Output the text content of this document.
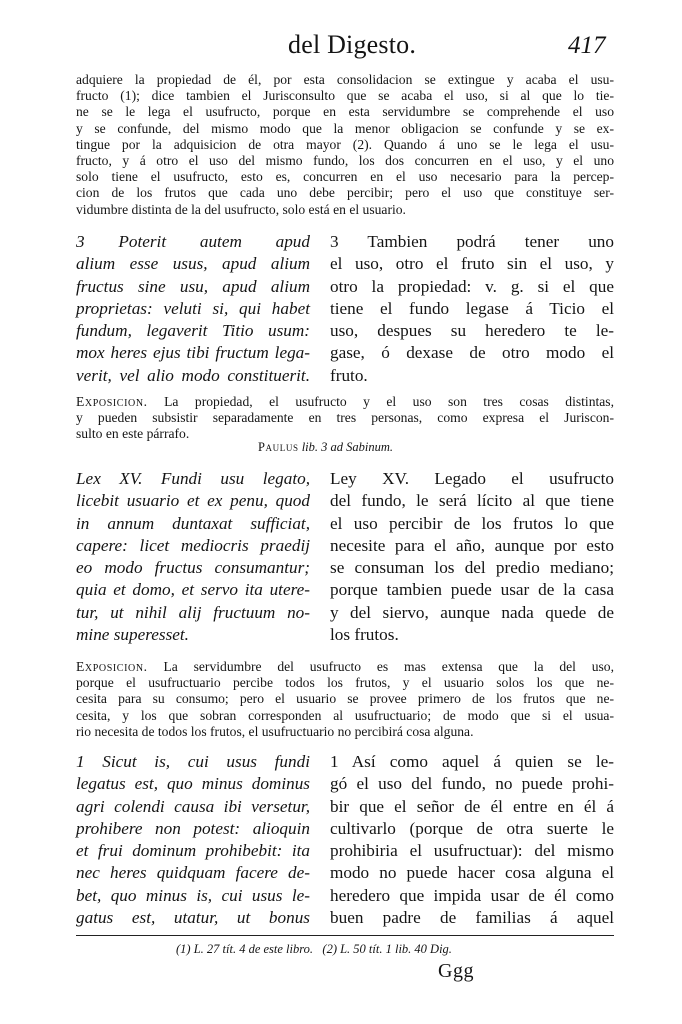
del Digesto.	417
adquiere la propiedad de él, por esta consolidacion se extingue y acaba el usu-
fructo (1); dice tambien el Jurisconsulto que se acaba el uso, si al que lo tie-
ne se le lega el usufructo, porque en esta servidumbre se comprehende el uso
y se confunde, del mismo modo que la menor obligacion se confunde y se ex-
tingue por la adquisicion de otra mayor (2). Quando á uno se le lega el usu-
fructo, y á otro el uso del mismo fundo, los dos concurren en el uso, y el uno
solo tiene el usufructo, esto es, concurren en el uso necesario para la percep-
cion de los frutos que cada uno debe percibir; pero el uso que constituye ser-
vidumbre distinta de la del usufructo, solo está en el usuario.
3 Poterit autem apud
alium esse usus, apud alium
fructus sine usu, apud alium
proprietas: veluti si, qui habet
fundum, legaverit Titio usum:
mox heres ejus tibi fructum lega-
verit, vel alio modo constituerit.
3 Tambien podrá tener uno
el uso, otro el fruto sin el uso, y
otro la propiedad: v. g. si el que
tiene el fundo legase á Ticio el
uso, despues su heredero te le-
gase, ó dexase de otro modo el
fruto.
Exposicion. La propiedad, el usufructo y el uso son tres cosas distintas,
y pueden subsistir separadamente en tres personas, como expresa el Juriscon-
sulto en este párrafo.
Paulus lib. 3 ad Sabinum.
Lex XV. Fundi usu legato,
licebit usuario et ex penu, quod
in annum duntaxat sufficiat,
capere: licet mediocris praedij
eo modo fructus consumantur;
quia et domo, et servo ita utere-
tur, ut nihil alij fructuum no-
mine superesset.
Ley XV. Legado el usufructo
del fundo, le será lícito al que tiene
el uso percibir de los frutos lo que
necesite para el año, aunque por esto
se consuman los del predio mediano;
porque tambien puede usar de la casa
y del siervo, aunque nada quede de
los frutos.
Exposicion. La servidumbre del usufructo es mas extensa que la del uso,
porque el usufructuario percibe todos los frutos, y el usuario solos los que ne-
cesita para su consumo; pero el usuario se provee primero de los frutos que ne-
cesita, y los que sobran corresponden al usufructuario; de modo que si el usua-
rio necesita de todos los frutos, el usufructuario no percibirá cosa alguna.
1 Sicut is, cui usus fundi
legatus est, quo minus dominus
agri colendi causa ibi versetur,
prohibere non potest: alioquin
et frui dominum prohibebit: ita
nec heres quidquam facere de-
bet, quo minus is, cui usus le-
gatus est, utatur, ut bonus
1 Así como aquel á quien se le-
gó el uso del fundo, no puede prohi-
bir que el señor de él entre en él á
cultivarlo (porque de otra suerte le
prohibiria el usufructuar): del mismo
modo no puede hacer cosa alguna el
heredero que impida usar de él como
buen padre de familias á aquel
(1) L. 27 tít. 4 de este libro. (2) L. 50 tít. 1 lib. 40 Dig.
Ggg
